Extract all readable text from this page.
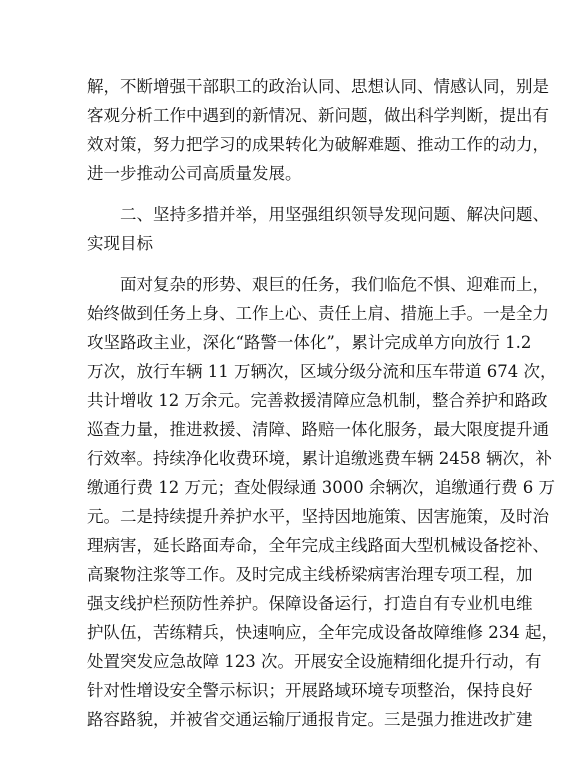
解，不断增强干部职工的政治认同、思想认同、情感认同，别是
客观分析工作中遇到的新情况、新问题，做出科学判断，提出有
效对策，努力把学习的成果转化为破解难题、推动工作的动力，
进一步推动公司高质量发展。
二、坚持多措并举，用坚强组织领导发现问题、解决问题、
实现目标
面对复杂的形势、艰巨的任务，我们临危不惧、迎难而上，
始终做到任务上身、工作上心、责任上肩、措施上手。一是全力
攻坚路政主业，深化“路警一体化”，累计完成单方向放行 1.2
万次，放行车辆 11 万辆次，区域分级分流和压车带道 674 次，
共计增收 12 万余元。完善救援清障应急机制，整合养护和路政
巡查力量，推进救援、清障、路赔一体化服务，最大限度提升通
行效率。持续净化收费环境，累计追缴逃费车辆 2458 辆次，补
缴通行费 12 万元；查处假绿通 3000 余辆次，追缴通行费 6 万
元。二是持续提升养护水平，坚持因地施策、因害施策，及时治
理病害，延长路面寿命，全年完成主线路面大型机械设备挖补、
高聚物注浆等工作。及时完成主线桥梁病害治理专项工程，加
强支线护栏预防性养护。保障设备运行，打造自有专业机电维
护队伍，苦练精兵，快速响应，全年完成设备故障维修 234 起，
处置突发应急故障 123 次。开展安全设施精细化提升行动，有
针对性增设安全警示标识；开展路域环境专项整治，保持良好
路容路貌，并被省交通运输厅通报肯定。三是强力推进改扩建
